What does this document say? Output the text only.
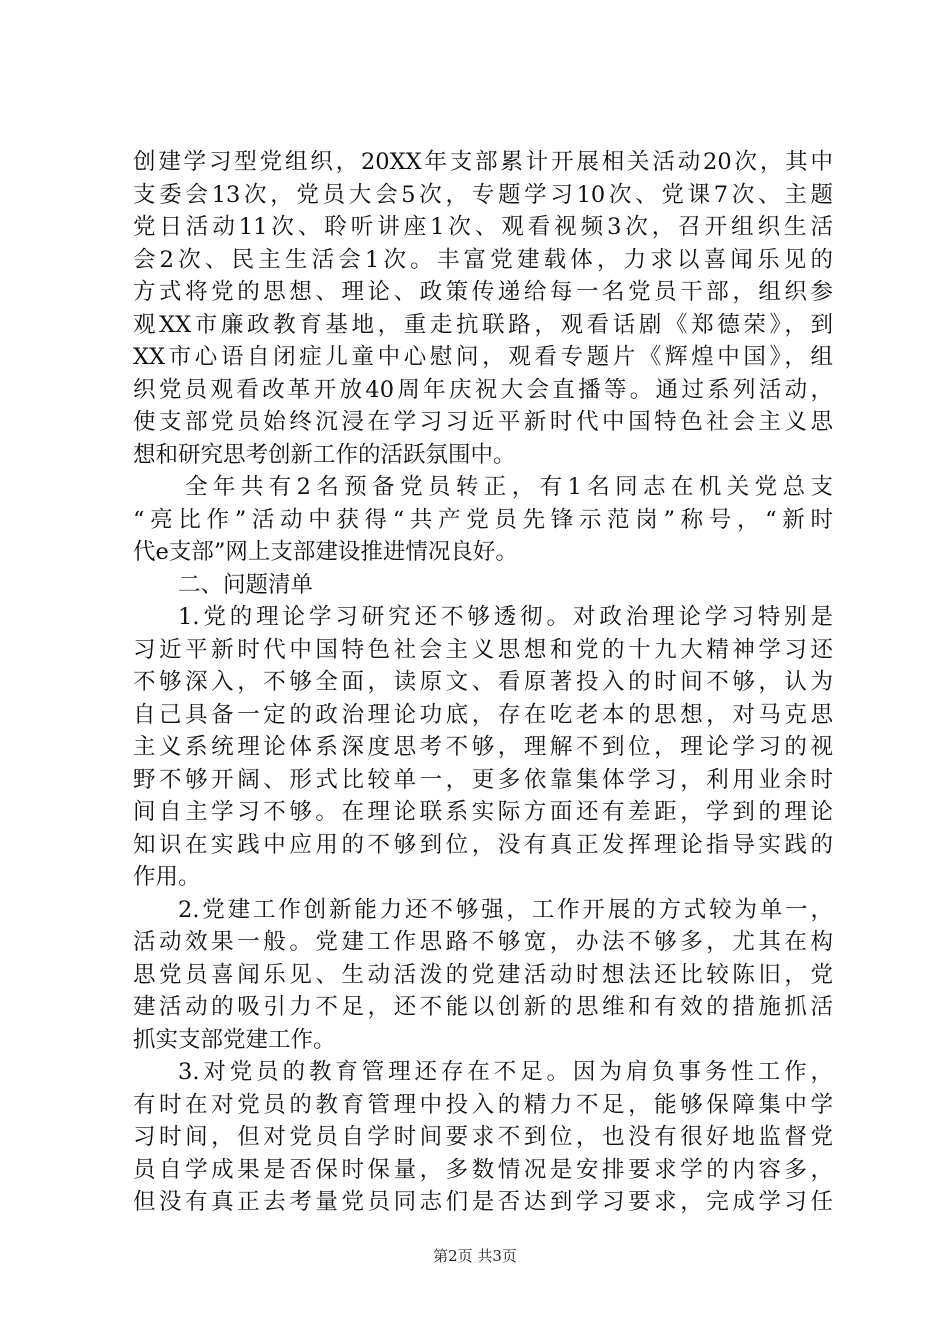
创建学习型党组织，20XX年支部累计开展相关活动20次，其中
支委会13次，党员大会5次，专题学习10次、党课7次、主题
党日活动11次、聆听讲座1次、观看视频3次，召开组织生活
会2次、民主生活会1次。丰富党建载体，力求以喜闻乐见的
方式将党的思想、理论、政策传递给每一名党员干部，组织参
观XX市廉政教育基地，重走抗联路，观看话剧《郑德荣》，到
XX市心语自闭症儿童中心慰问，观看专题片《辉煌中国》，组
织党员观看改革开放40周年庆祝大会直播等。通过系列活动，
使支部党员始终沉浸在学习习近平新时代中国特色社会主义思
想和研究思考创新工作的活跃氛围中。
全年共有2名预备党员转正，有1名同志在机关党总支
“亮比作”活动中获得“共产党员先锋示范岗”称号，“新时
代e支部”网上支部建设推进情况良好。
二、问题清单
1.党的理论学习研究还不够透彻。对政治理论学习特别是
习近平新时代中国特色社会主义思想和党的十九大精神学习还
不够深入，不够全面，读原文、看原著投入的时间不够，认为
自己具备一定的政治理论功底，存在吃老本的思想，对马克思
主义系统理论体系深度思考不够，理解不到位，理论学习的视
野不够开阔、形式比较单一，更多依靠集体学习，利用业余时
间自主学习不够。在理论联系实际方面还有差距，学到的理论
知识在实践中应用的不够到位，没有真正发挥理论指导实践的
作用。
2.党建工作创新能力还不够强，工作开展的方式较为单一，
活动效果一般。党建工作思路不够宽，办法不够多，尤其在构
思党员喜闻乐见、生动活泼的党建活动时想法还比较陈旧，党
建活动的吸引力不足，还不能以创新的思维和有效的措施抓活
抓实支部党建工作。
3.对党员的教育管理还存在不足。因为肩负事务性工作，
有时在对党员的教育管理中投入的精力不足，能够保障集中学
习时间，但对党员自学时间要求不到位，也没有很好地监督党
员自学成果是否保时保量，多数情况是安排要求学的内容多，
但没有真正去考量党员同志们是否达到学习要求，完成学习任
第2页 共3页
